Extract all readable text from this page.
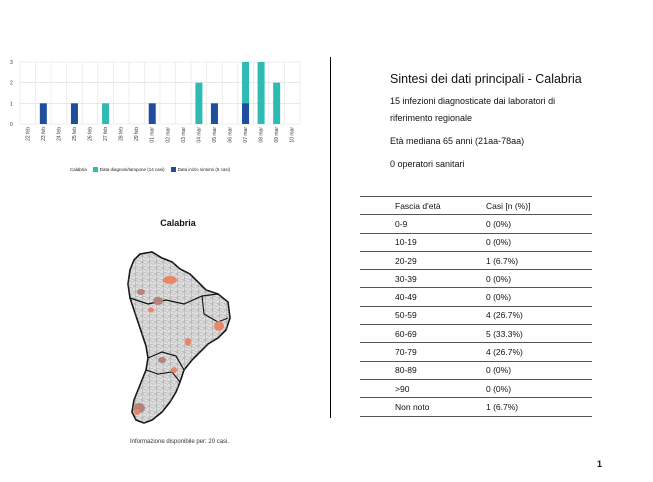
0
1
2
3
22 feb 23 feb 24 feb 25 feb 26 feb 27 feb 28 feb 29 feb 01 mar 02 mar 03 mar 04 mar 05 mar 06 mar 07 mar 08 mar 09 mar 10 mar
Calabria	Data diagnosi/tampone (14 casi)	Data inizio sintomi (5 casi)
Calabria
Informazione disponibile per: 20 casi.
Sintesi dei dati principali - Calabria
15 infezioni diagnosticate dai laboratori di
riferimento regionale
Età mediana 65 anni (21aa-78aa)
0 operatori sanitari
Fascia d'età	Casi [n (%)]
0-9	0 (0%)
10-19	0 (0%)
20-29	1 (6.7%)
30-39	0 (0%)
40-49	0 (0%)
50-59	4 (26.7%)
60-69	5 (33.3%)
70-79	4 (26.7%)
80-89	0 (0%)
>90	0 (0%)
Non noto	1 (6.7%)
1
